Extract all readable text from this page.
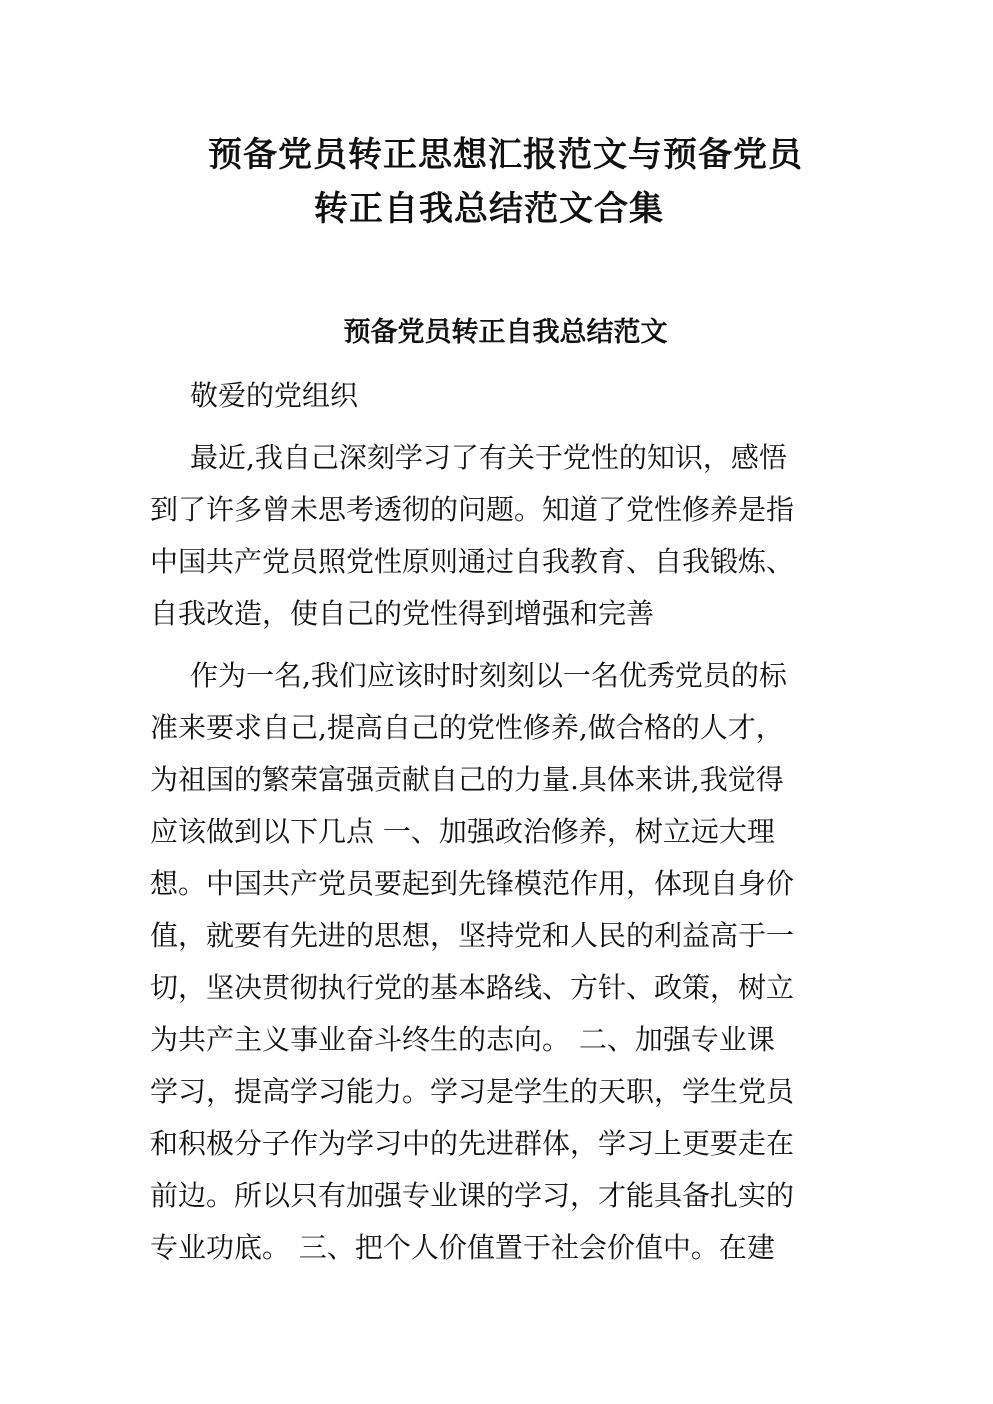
预备党员转正思想汇报范文与预备党员
转正自我总结范文合集
预备党员转正自我总结范文
敬爱的党组织
最近,我自己深刻学习了有关于党性的知识，感悟
到了许多曾未思考透彻的问题。知道了党性修养是指
中国共产党员照党性原则通过自我教育、自我锻炼、
自我改造，使自己的党性得到增强和完善
作为一名,我们应该时时刻刻以一名优秀党员的标
准来要求自己,提高自己的党性修养,做合格的人才，
为祖国的繁荣富强贡献自己的力量.具体来讲,我觉得
应该做到以下几点 一、加强政治修养，树立远大理
想。中国共产党员要起到先锋模范作用，体现自身价
值，就要有先进的思想，坚持党和人民的利益高于一
切，坚决贯彻执行党的基本路线、方针、政策，树立
为共产主义事业奋斗终生的志向。 二、加强专业课
学习，提高学习能力。学习是学生的天职，学生党员
和积极分子作为学习中的先进群体，学习上更要走在
前边。所以只有加强专业课的学习，才能具备扎实的
专业功底。 三、把个人价值置于社会价值中。在建
